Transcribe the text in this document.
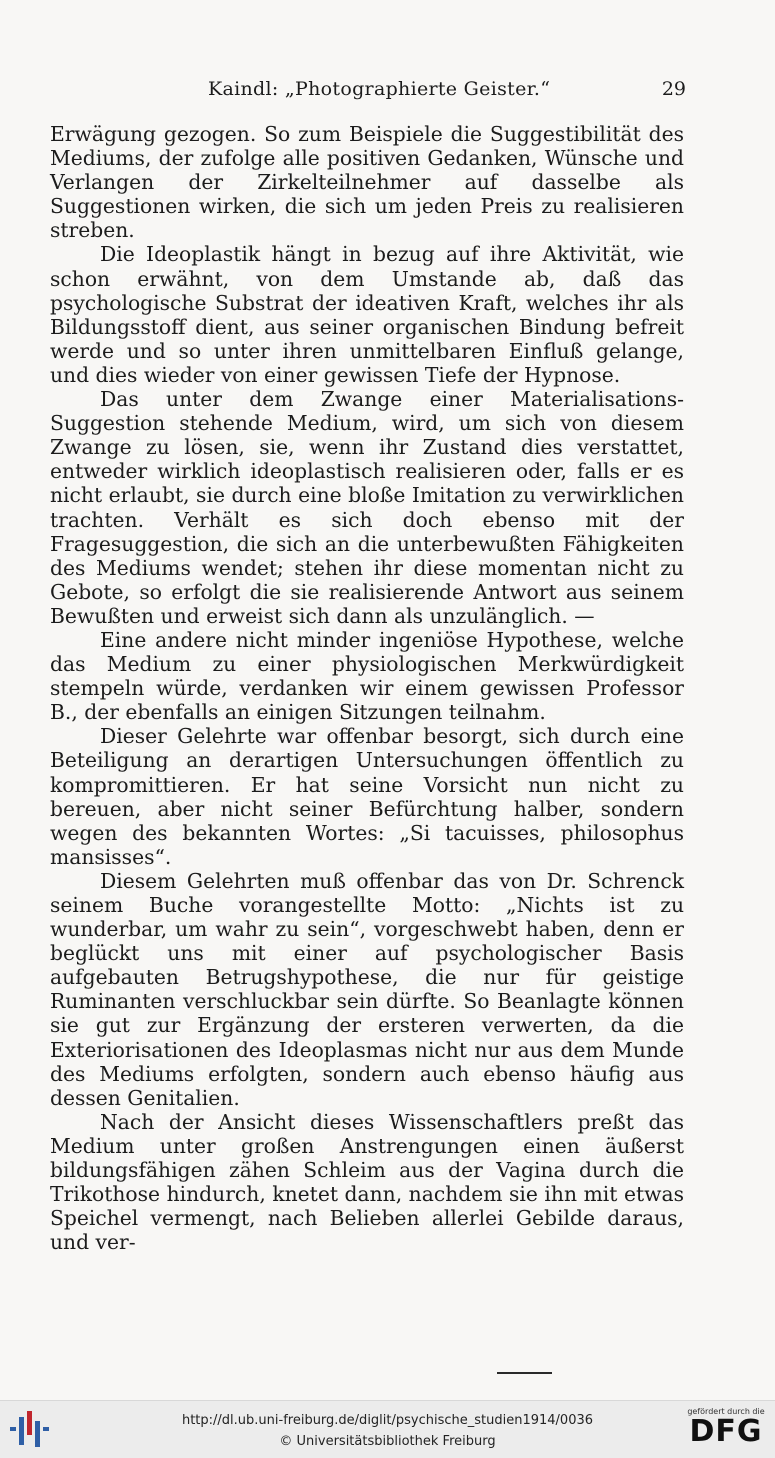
Kaindl: „Photographierte Geister.“	29

Erwägung gezogen. So zum Beispiele die Suggestibilität des Mediums, der zufolge alle positiven Gedanken, Wünsche und Verlangen der Zirkelteilnehmer auf dasselbe als Suggestionen wirken, die sich um jeden Preis zu realisieren streben.

Die Ideoplastik hängt in bezug auf ihre Aktivität, wie schon erwähnt, von dem Umstande ab, daß das psychologische Substrat der ideativen Kraft, welches ihr als Bildungsstoff dient, aus seiner organischen Bindung befreit werde und so unter ihren unmittelbaren Einfluß gelange, und dies wieder von einer gewissen Tiefe der Hypnose.

Das unter dem Zwange einer Materialisations-Suggestion stehende Medium, wird, um sich von diesem Zwange zu lösen, sie, wenn ihr Zustand dies verstattet, entweder wirklich ideoplastisch realisieren oder, falls er es nicht erlaubt, sie durch eine bloße Imitation zu verwirklichen trachten. Verhält es sich doch ebenso mit der Fragesuggestion, die sich an die unterbewußten Fähigkeiten des Mediums wendet; stehen ihr diese momentan nicht zu Gebote, so erfolgt die sie realisierende Antwort aus seinem Bewußten und erweist sich dann als unzulänglich. —

Eine andere nicht minder ingeniöse Hypothese, welche das Medium zu einer physiologischen Merkwürdigkeit stempeln würde, verdanken wir einem gewissen Professor B., der ebenfalls an einigen Sitzungen teilnahm.

Dieser Gelehrte war offenbar besorgt, sich durch eine Beteiligung an derartigen Untersuchungen öffentlich zu kompromittieren. Er hat seine Vorsicht nun nicht zu bereuen, aber nicht seiner Befürchtung halber, sondern wegen des bekannten Wortes: „Si tacuisses, philosophus mansisses“.

Diesem Gelehrten muß offenbar das von Dr. Schrenck seinem Buche vorangestellte Motto: „Nichts ist zu wunderbar, um wahr zu sein“, vorgeschwebt haben, denn er beglückt uns mit einer auf psychologischer Basis aufgebauten Betrugshypothese, die nur für geistige Ruminanten verschluckbar sein dürfte. So Beanlagte können sie gut zur Ergänzung der ersteren verwerten, da die Exteriorisationen des Ideoplasmas nicht nur aus dem Munde des Mediums erfolgten, sondern auch ebenso häufig aus dessen Genitalien.

Nach der Ansicht dieses Wissenschaftlers preßt das Medium unter großen Anstrengungen einen äußerst bildungsfähigen zähen Schleim aus der Vagina durch die Trikothose hindurch, knetet dann, nachdem sie ihn mit etwas Speichel vermengt, nach Belieben allerlei Gebilde daraus, und ver-

http://dl.ub.uni-freiburg.de/diglit/psychische_studien1914/0036
© Universitätsbibliothek Freiburg
gefördert durch die
DFG
